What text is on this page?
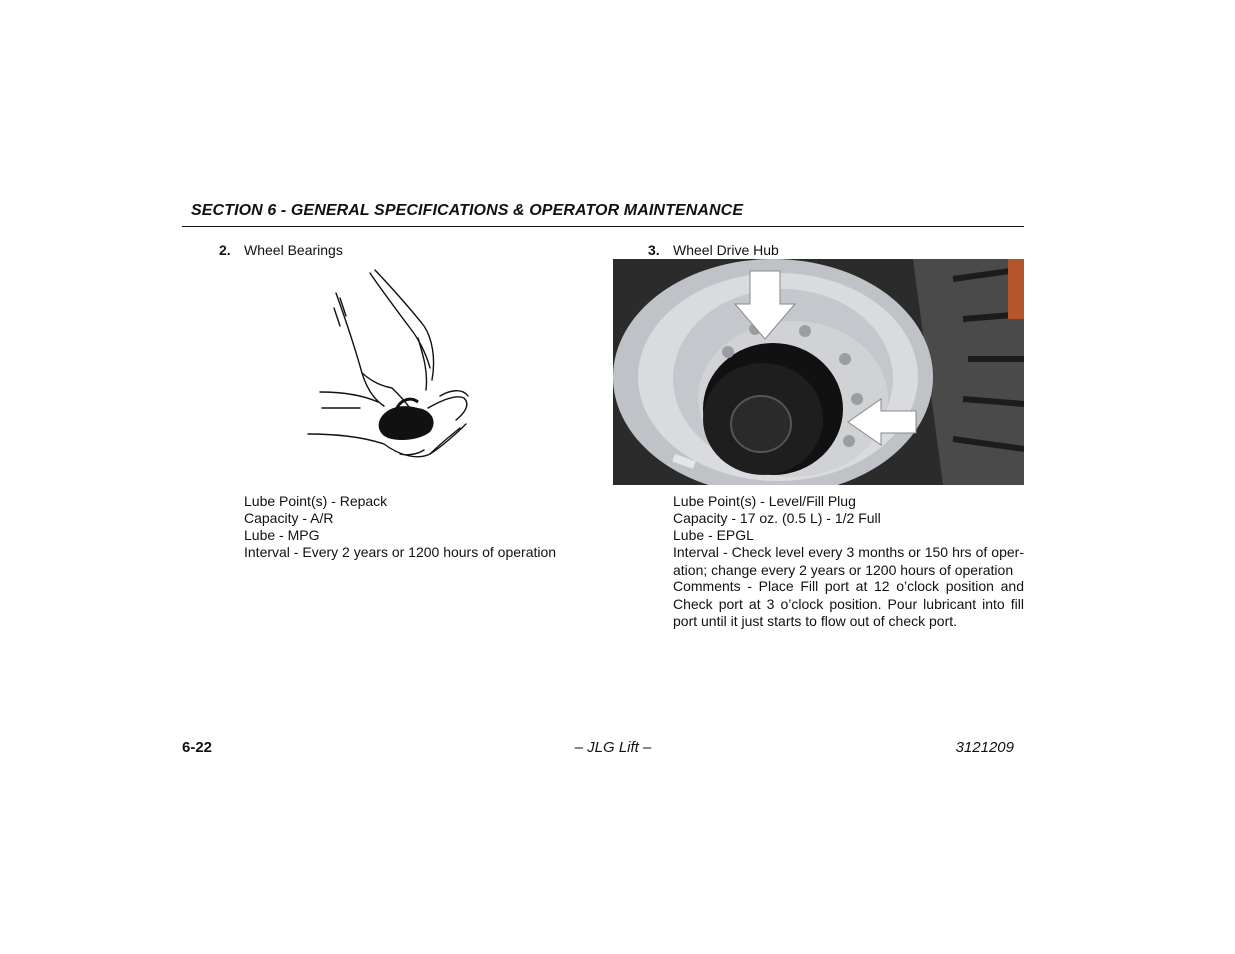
SECTION 6 - GENERAL SPECIFICATIONS & OPERATOR MAINTENANCE
2. Wheel Bearings
Lube Point(s) - Repack
Capacity - A/R
Lube - MPG
Interval - Every 2 years or 1200 hours of operation
3. Wheel Drive Hub
Lube Point(s) - Level/Fill Plug
Capacity - 17 oz. (0.5 L) - 1/2 Full
Lube - EPGL
Interval - Check level every 3 months or 150 hrs of oper-ation; change every 2 years or 1200 hours of operation
Comments - Place Fill port at 12 o’clock position and Check port at 3 o’clock position. Pour lubricant into fill port until it just starts to flow out of check port.
6-22	– JLG Lift –	3121209
